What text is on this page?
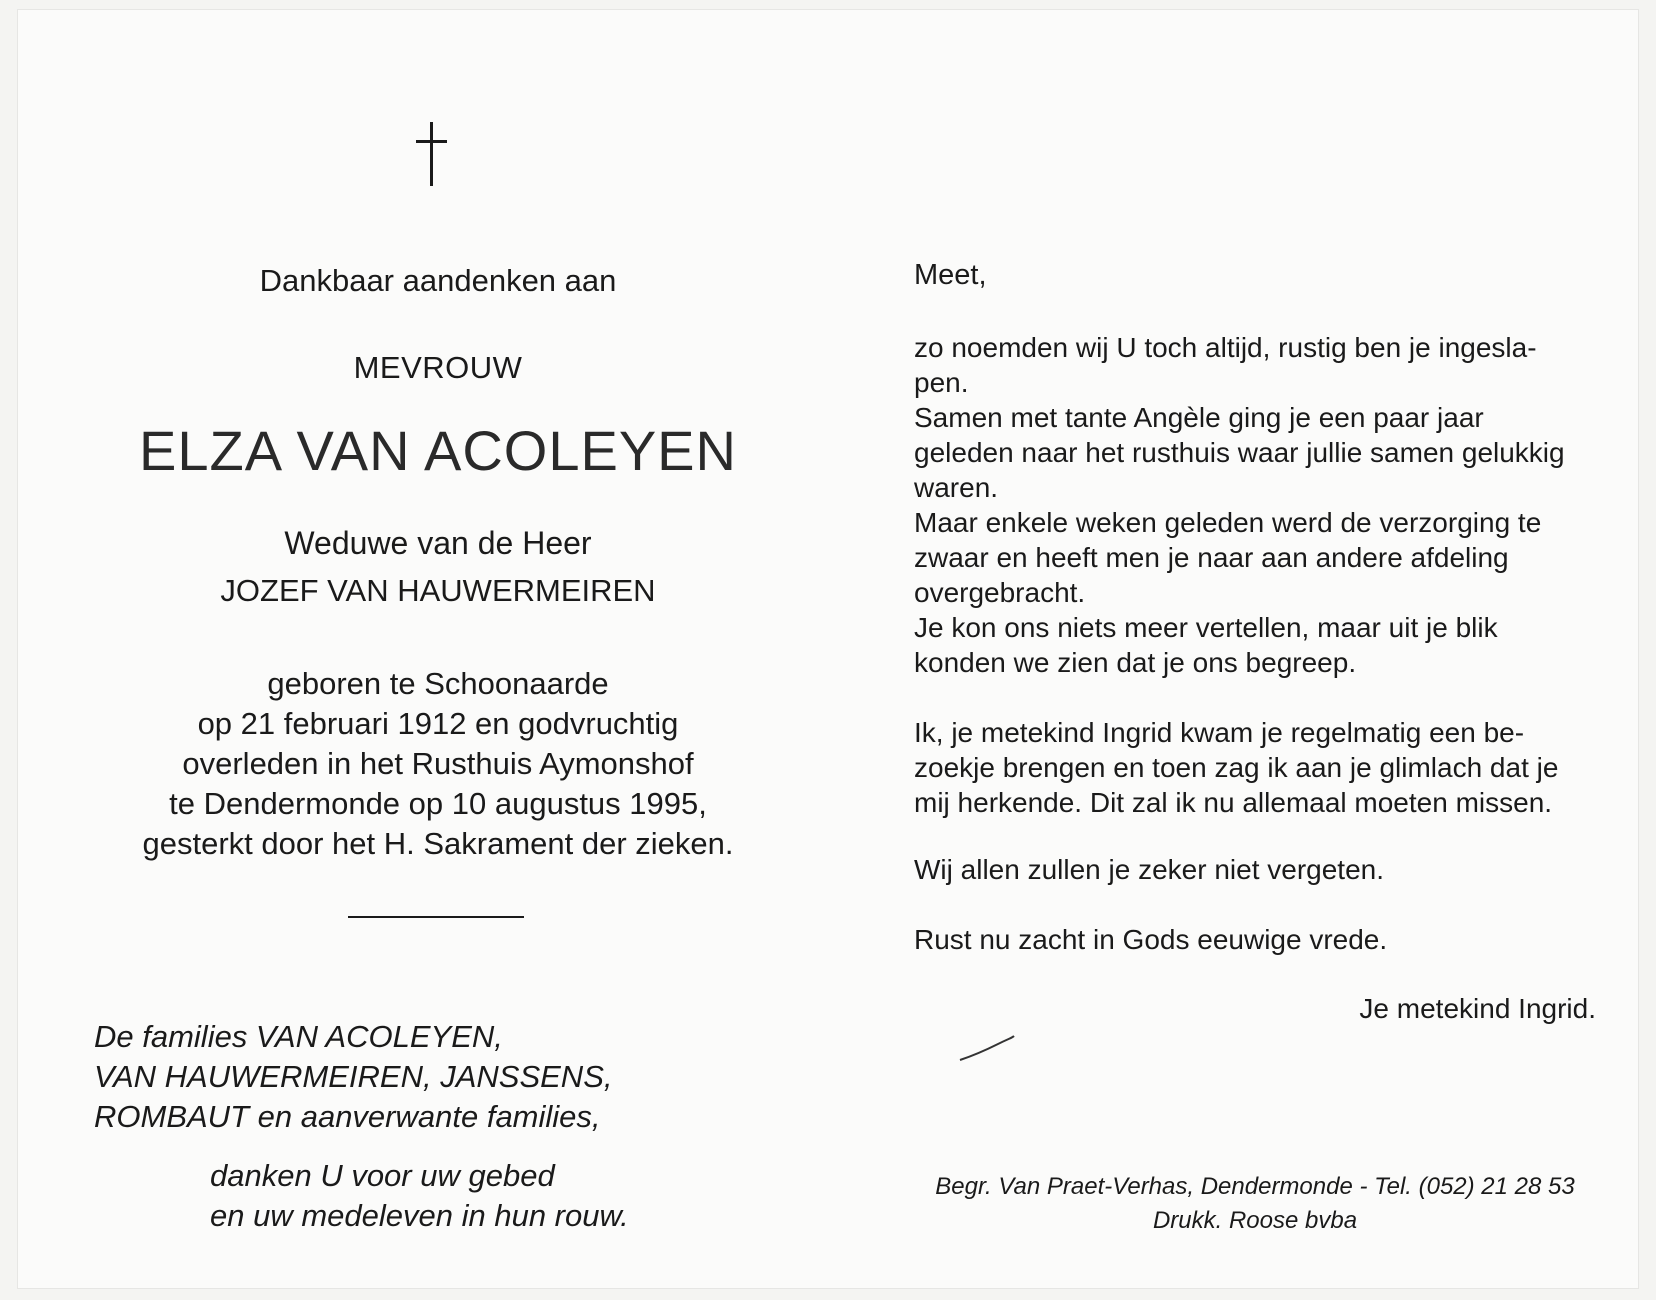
Dankbaar aandenken aan
MEVROUW
ELZA VAN ACOLEYEN
Weduwe van de Heer
JOZEF VAN HAUWERMEIREN
geboren te Schoonaarde
op 21 februari 1912 en godvruchtig
overleden in het Rusthuis Aymonshof
te Dendermonde op 10 augustus 1995,
gesterkt door het H. Sakrament der zieken.
De families VAN ACOLEYEN,
VAN HAUWERMEIREN, JANSSENS,
ROMBAUT en aanverwante families,
danken U voor uw gebed
en uw medeleven in hun rouw.
Meet,
zo noemden wij U toch altijd, rustig ben je ingesla-
pen.
Samen met tante Angèle ging je een paar jaar
geleden naar het rusthuis waar jullie samen gelukkig
waren.
Maar enkele weken geleden werd de verzorging te
zwaar en heeft men je naar aan andere afdeling
overgebracht.
Je kon ons niets meer vertellen, maar uit je blik
konden we zien dat je ons begreep.
Ik, je metekind Ingrid kwam je regelmatig een be-
zoekje brengen en toen zag ik aan je glimlach dat je
mij herkende. Dit zal ik nu allemaal moeten missen.
Wij allen zullen je zeker niet vergeten.
Rust nu zacht in Gods eeuwige vrede.
Je metekind Ingrid.
Begr. Van Praet-Verhas, Dendermonde - Tel. (052) 21 28 53
Drukk. Roose bvba
